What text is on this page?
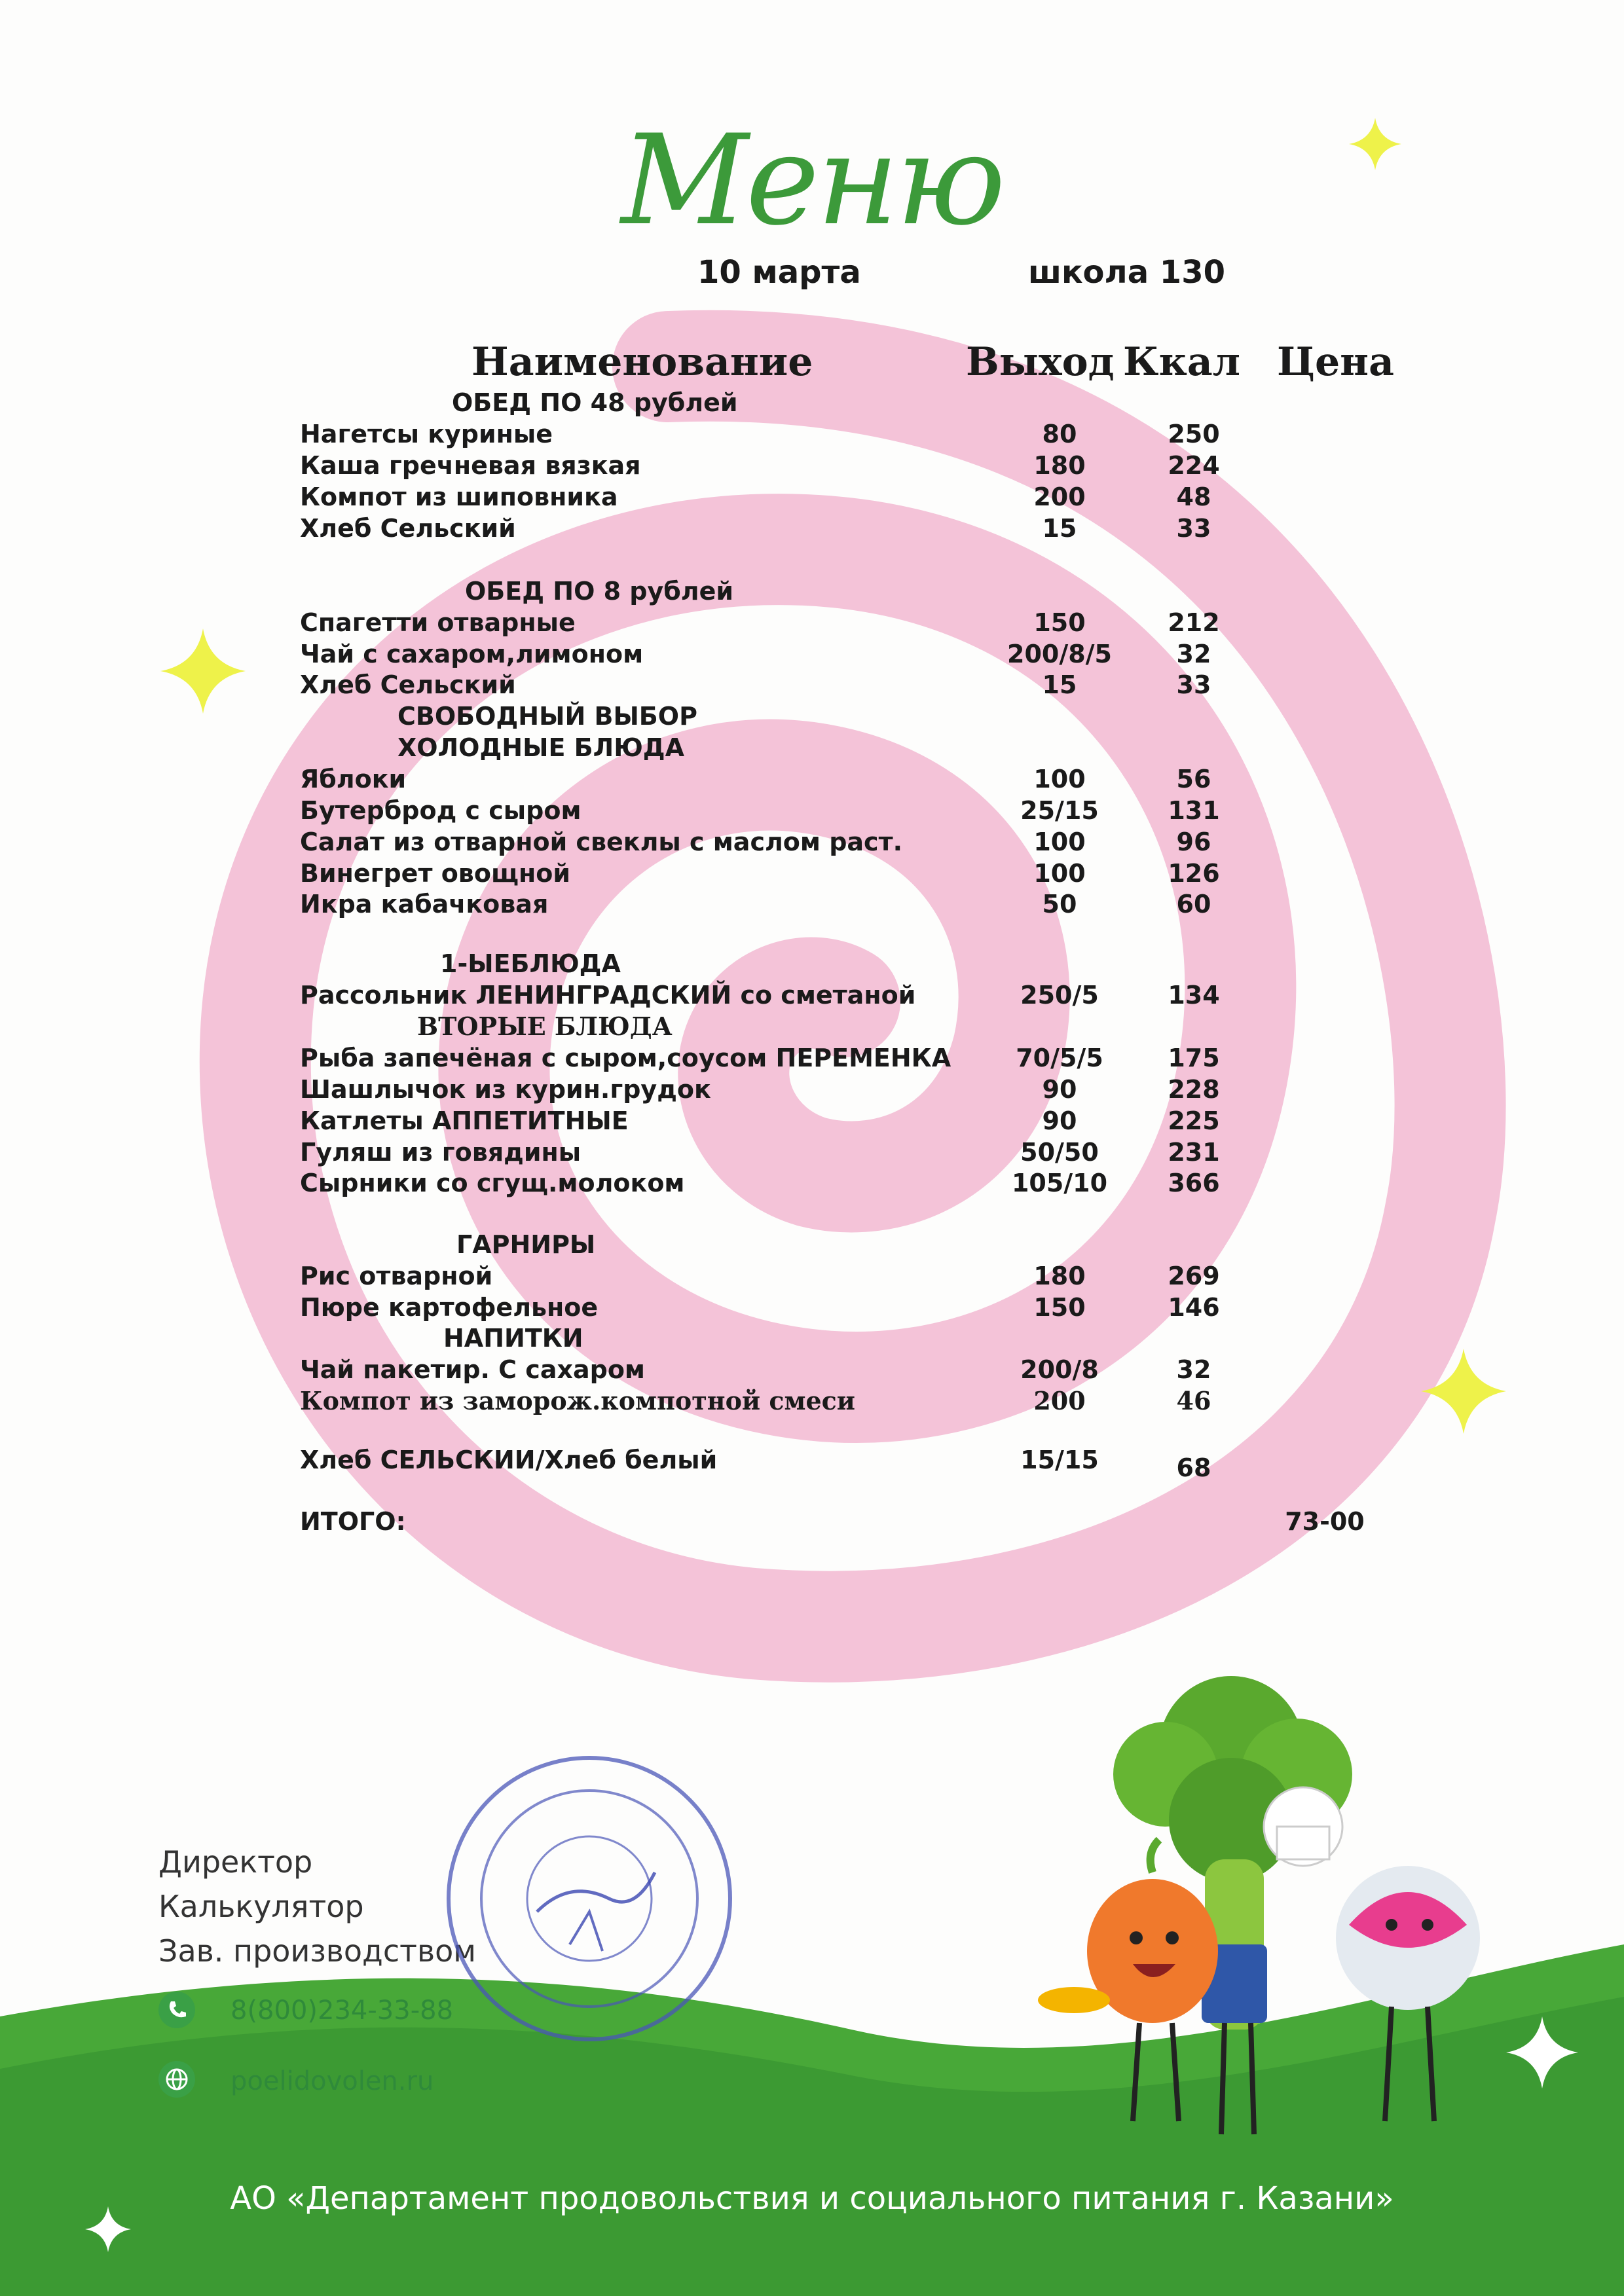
Меню
10 марта	школа 130
Наименование	Выход Ккал Цена
ОБЕД ПО 48 рублей
ОБЕД ПО 8 рублей
СВОБОДНЫЙ ВЫБОР
ХОЛОДНЫЕ БЛЮДА
1-ЫЕБЛЮДА
ВТОРЫЕ БЛЮДА
ГАРНИРЫ
НАПИТКИ
Нагетсы куриные	80	250
Каша гречневая вязкая	180	224
Компот из шиповника	200	48
Хлеб Сельский	15	33
Спагетти отварные	150	212
Чай с сахаром,лимоном	200/8/5	32
Хлеб Сельский	15	33
Яблоки	100	56
Бутерброд с сыром	25/15	131
Салат из отварной свеклы с маслом раст.	100	96
Винегрет овощной	100	126
Икра кабачковая	50	60
Рассольник ЛЕНИНГРАДСКИЙ со сметаной	250/5	134
Рыба запечёная с сыром,соусом ПЕРЕМЕНКА	70/5/5	175
Шашлычок из курин.грудок	90	228
Катлеты АППЕТИТНЫЕ	90	225
Гуляш из говядины	50/50	231
Сырники со сгущ.молоком	105/10	366
Рис отварной	180	269
Пюре картофельное	150	146
Чай пакетир. С сахаром	200/8	32
Компот из замор⁠ож.компотной смеси	200	46
Хлеб СЕЛЬСКИИ/Хлеб белый	15/15	68
ИТОГО:	73-00
Директор
Калькулятор
Зав. производством
8(800)234-33-88
poelidovolen.ru
АО «Департамент продовольствия и социального питания г. Казани»
